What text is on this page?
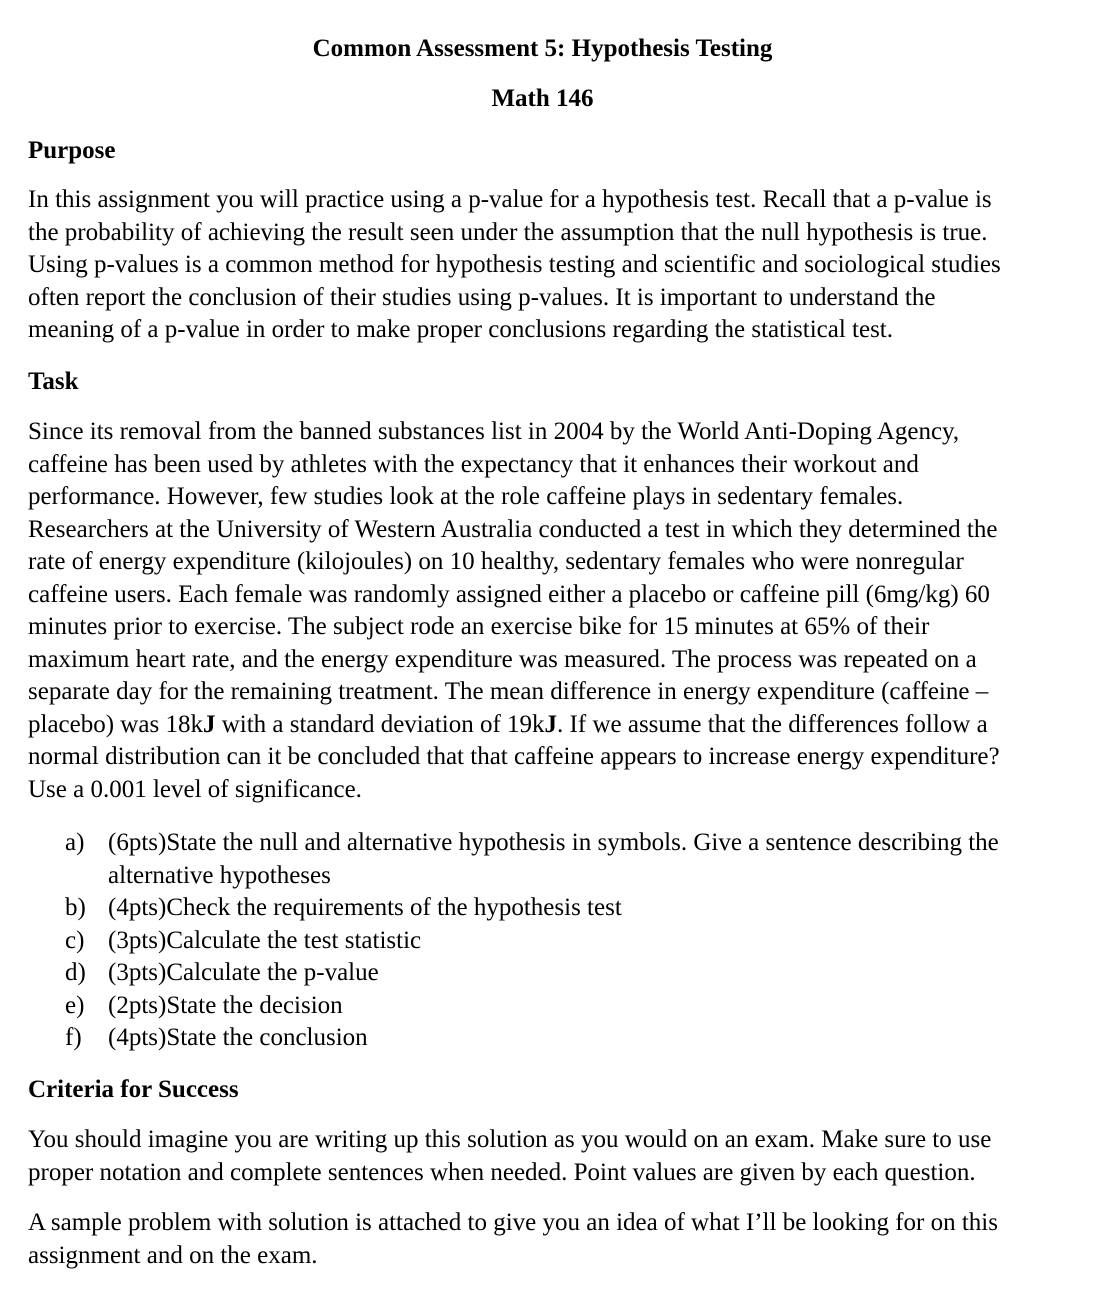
Common Assessment 5: Hypothesis Testing
Math 146
Purpose

In this assignment you will practice using a p-value for a hypothesis test. Recall that a p-value is
the probability of achieving the result seen under the assumption that the null hypothesis is true.
Using p-values is a common method for hypothesis testing and scientific and sociological studies
often report the conclusion of their studies using p-values. It is important to understand the
meaning of a p-value in order to make proper conclusions regarding the statistical test.

Task

Since its removal from the banned substances list in 2004 by the World Anti-Doping Agency,
caffeine has been used by athletes with the expectancy that it enhances their workout and
performance. However, few studies look at the role caffeine plays in sedentary females.
Researchers at the University of Western Australia conducted a test in which they determined the
rate of energy expenditure (kilojoules) on 10 healthy, sedentary females who were nonregular
caffeine users. Each female was randomly assigned either a placebo or caffeine pill (6mg/kg) 60
minutes prior to exercise. The subject rode an exercise bike for 15 minutes at 65% of their
maximum heart rate, and the energy expenditure was measured. The process was repeated on a
separate day for the remaining treatment. The mean difference in energy expenditure (caffeine –
placebo) was 18kJ with a standard deviation of 19kJ. If we assume that the differences follow a
normal distribution can it be concluded that that caffeine appears to increase energy expenditure?
Use a 0.001 level of significance.

a) (6pts)State the null and alternative hypothesis in symbols. Give a sentence describing the
alternative hypotheses
b) (4pts)Check the requirements of the hypothesis test
c) (3pts)Calculate the test statistic
d) (3pts)Calculate the p-value
e) (2pts)State the decision
f) (4pts)State the conclusion
Criteria for Success

You should imagine you are writing up this solution as you would on an exam. Make sure to use
proper notation and complete sentences when needed. Point values are given by each question.

A sample problem with solution is attached to give you an idea of what I’ll be looking for on this
assignment and on the exam.
